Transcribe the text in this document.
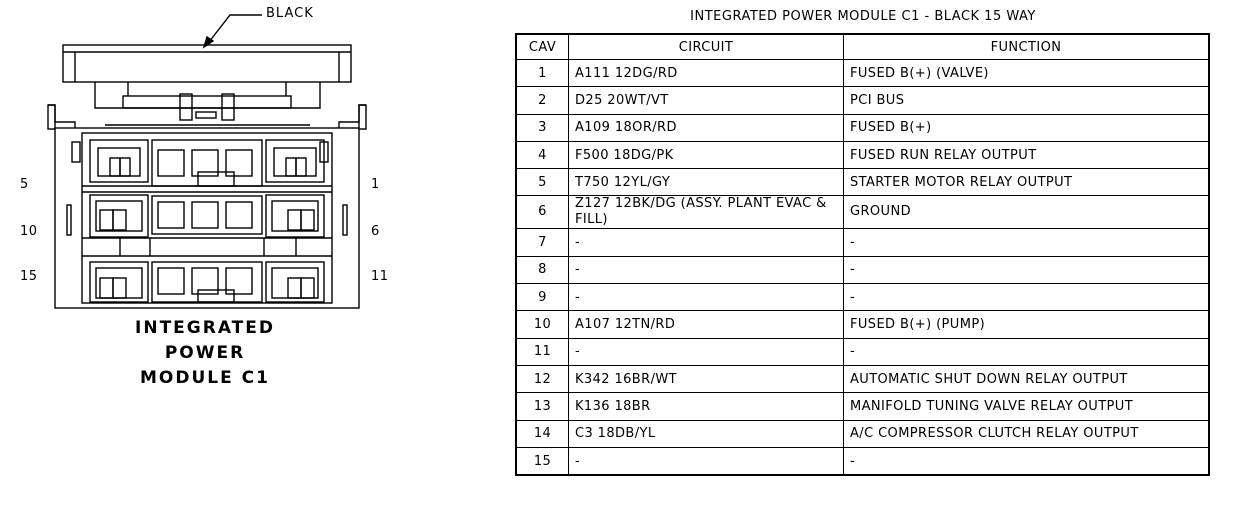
BLACK
5
10
15
1
6
11
INTEGRATED
POWER
MODULE C1
INTEGRATED POWER MODULE C1 - BLACK 15 WAY
CAV	CIRCUIT	FUNCTION
1	A111 12DG/RD	FUSED B(+) (VALVE)
2	D25 20WT/VT	PCI BUS
3	A109 18OR/RD	FUSED B(+)
4	F500 18DG/PK	FUSED RUN RELAY OUTPUT
5	T750 12YL/GY	STARTER MOTOR RELAY OUTPUT
6	Z127 12BK/DG (ASSY. PLANT EVAC & FILL)	GROUND
7	-	-
8	-	-
9	-	-
10	A107 12TN/RD	FUSED B(+) (PUMP)
11	-	-
12	K342 16BR/WT	AUTOMATIC SHUT DOWN RELAY OUTPUT
13	K136 18BR	MANIFOLD TUNING VALVE RELAY OUTPUT
14	C3 18DB/YL	A/C COMPRESSOR CLUTCH RELAY OUTPUT
15	-	-
